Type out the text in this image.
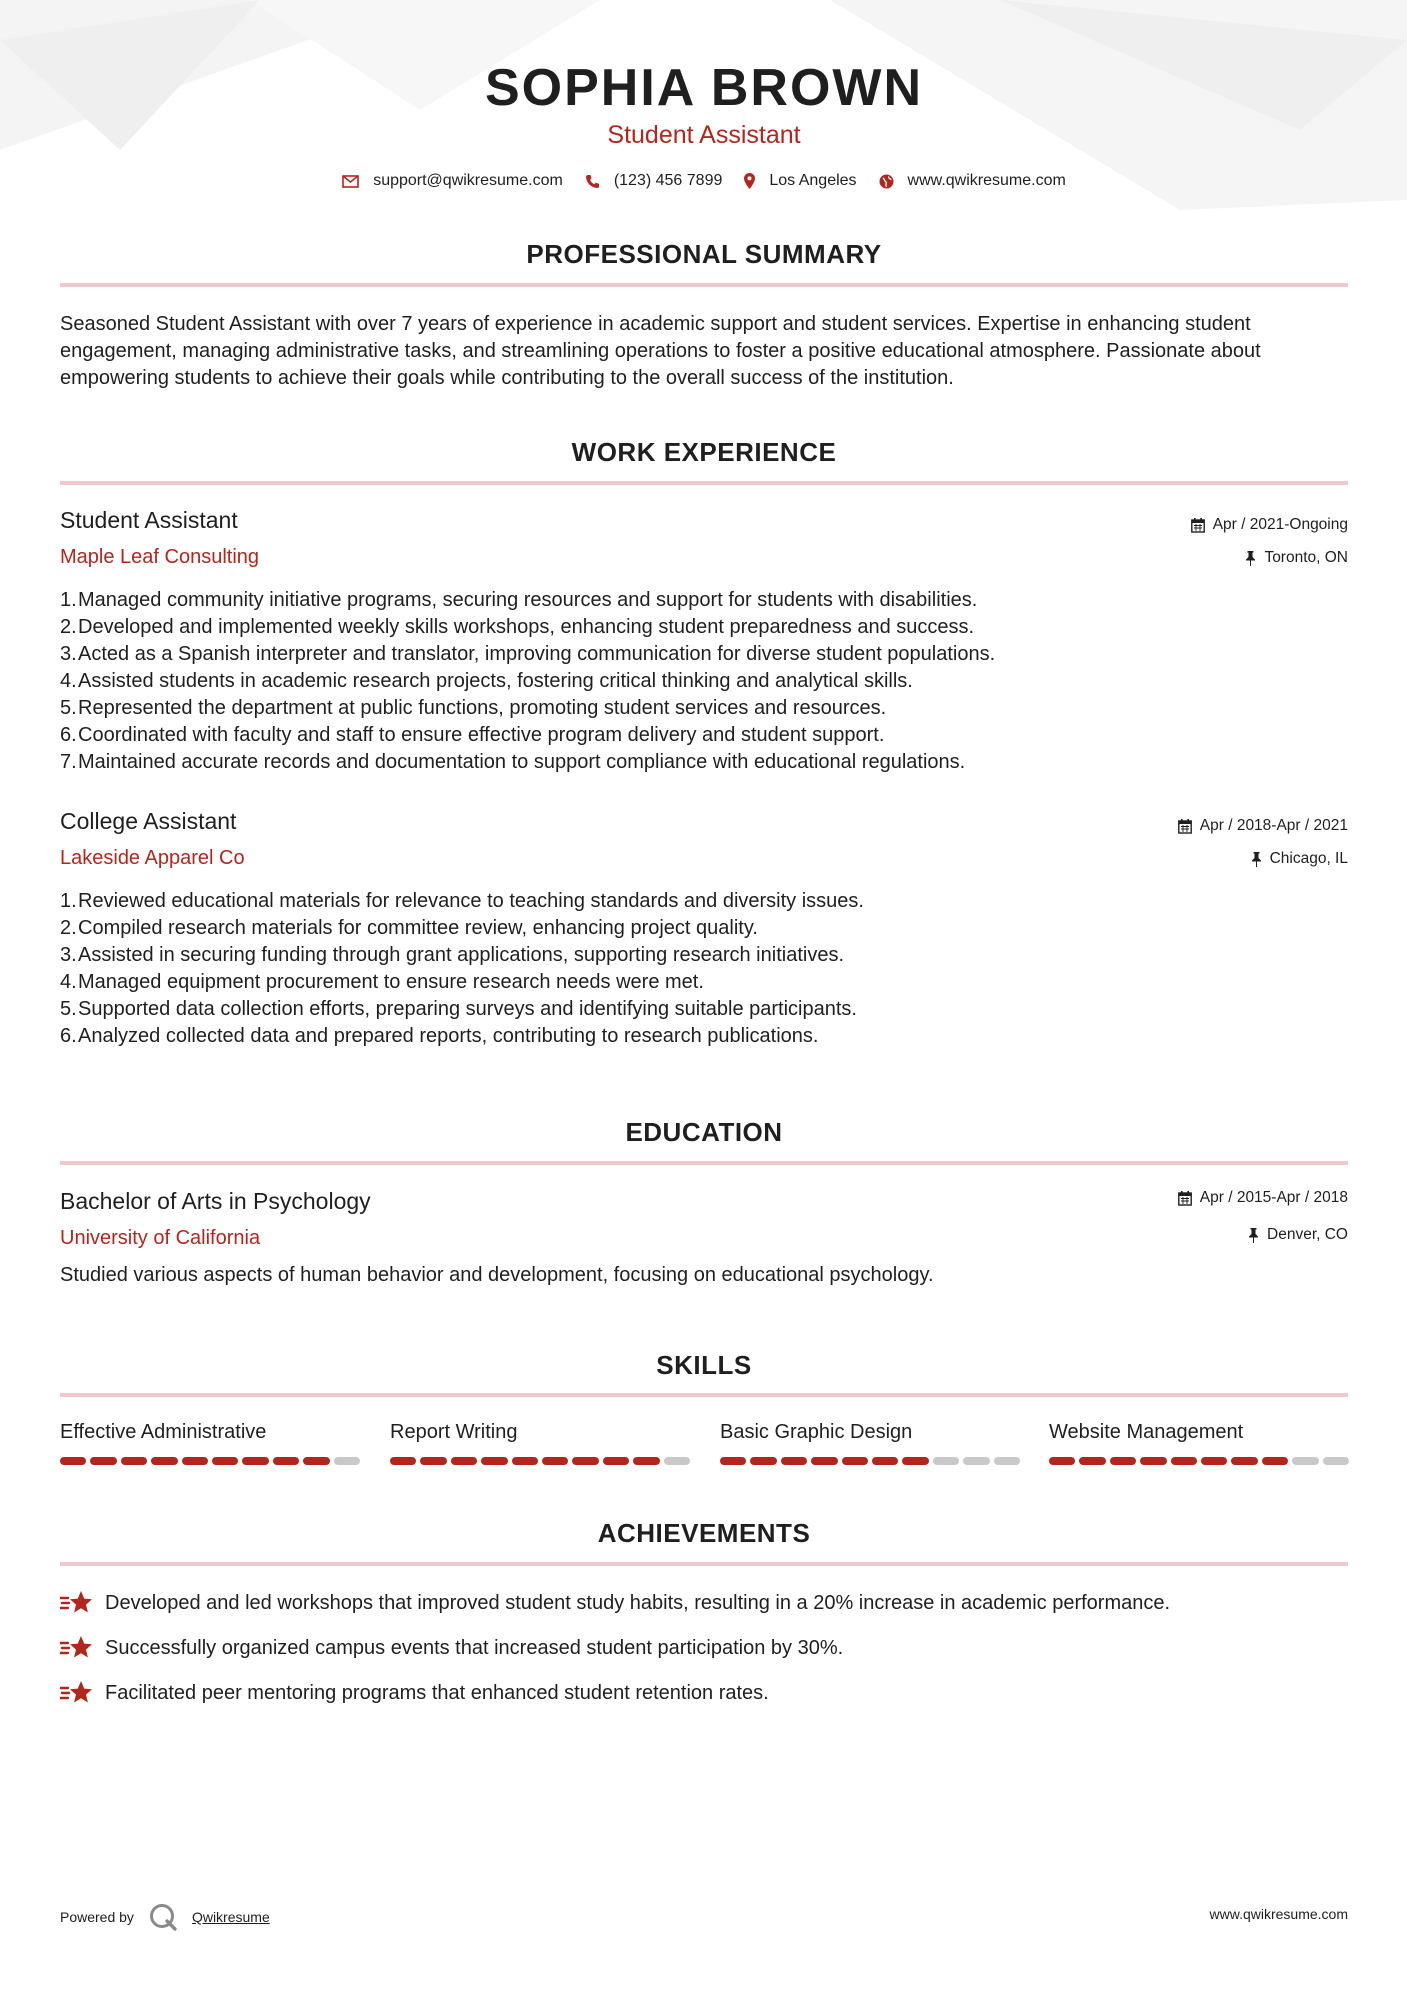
SOPHIA BROWN
Student Assistant
support@qwikresume.com	(123) 456 7899	Los Angeles	www.qwikresume.com
PROFESSIONAL SUMMARY
Seasoned Student Assistant with over 7 years of experience in academic support and student services. Expertise in enhancing student engagement, managing administrative tasks, and streamlining operations to foster a positive educational atmosphere. Passionate about empowering students to achieve their goals while contributing to the overall success of the institution.
WORK EXPERIENCE
Student Assistant
Maple Leaf Consulting
Apr / 2021-Ongoing
Toronto, ON
1. Managed community initiative programs, securing resources and support for students with disabilities.
2. Developed and implemented weekly skills workshops, enhancing student preparedness and success.
3. Acted as a Spanish interpreter and translator, improving communication for diverse student populations.
4. Assisted students in academic research projects, fostering critical thinking and analytical skills.
5. Represented the department at public functions, promoting student services and resources.
6. Coordinated with faculty and staff to ensure effective program delivery and student support.
7. Maintained accurate records and documentation to support compliance with educational regulations.
College Assistant
Lakeside Apparel Co
Apr / 2018-Apr / 2021
Chicago, IL
1. Reviewed educational materials for relevance to teaching standards and diversity issues.
2. Compiled research materials for committee review, enhancing project quality.
3. Assisted in securing funding through grant applications, supporting research initiatives.
4. Managed equipment procurement to ensure research needs were met.
5. Supported data collection efforts, preparing surveys and identifying suitable participants.
6. Analyzed collected data and prepared reports, contributing to research publications.
EDUCATION
Bachelor of Arts in Psychology
University of California
Apr / 2015-Apr / 2018
Denver, CO
Studied various aspects of human behavior and development, focusing on educational psychology.
SKILLS
Effective Administrative	Report Writing	Basic Graphic Design	Website Management
ACHIEVEMENTS
Developed and led workshops that improved student study habits, resulting in a 20% increase in academic performance.
Successfully organized campus events that increased student participation by 30%.
Facilitated peer mentoring programs that enhanced student retention rates.
Powered by	Qwikresume	www.qwikresume.com
